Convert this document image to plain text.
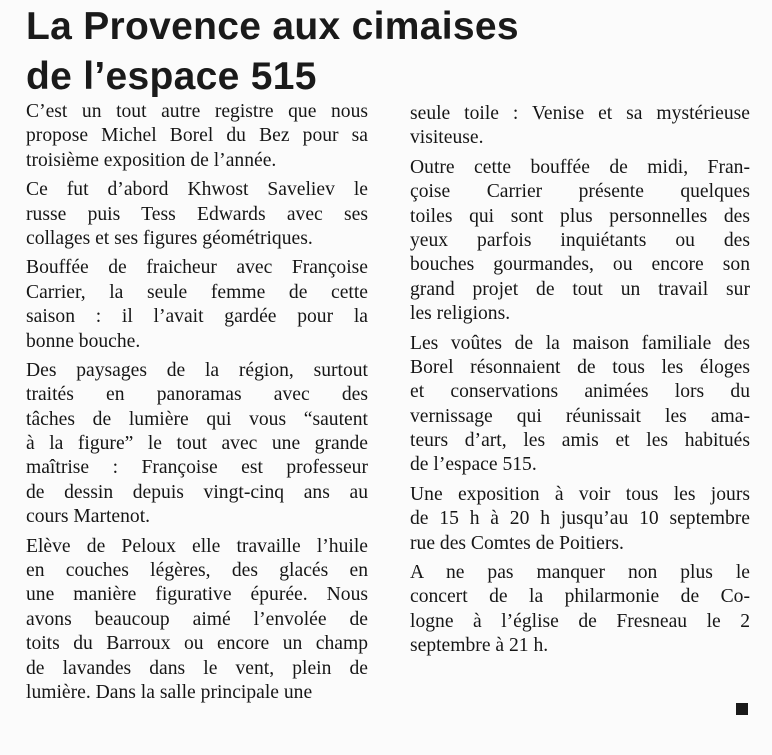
La Provence aux cimaises
de l’espace 515
C’est un tout autre registre que nous
propose Michel Borel du Bez pour sa
troisième exposition de l’année.
Ce fut d’abord Khwost Saveliev le
russe puis Tess Edwards avec ses
collages et ses figures géométriques.
Bouffée de fraicheur avec Françoise
Carrier, la seule femme de cette
saison : il l’avait gardée pour la
bonne bouche.
Des paysages de la région, surtout
traités en panoramas avec des
tâches de lumière qui vous “sautent
à la figure” le tout avec une grande
maîtrise : Françoise est professeur
de dessin depuis vingt-cinq ans au
cours Martenot.
Elève de Peloux elle travaille l’huile
en couches légères, des glacés en
une manière figurative épurée. Nous
avons beaucoup aimé l’envolée de
toits du Barroux ou encore un champ
de lavandes dans le vent, plein de
lumière. Dans la salle principale une
seule toile : Venise et sa mystérieuse
visiteuse.
Outre cette bouffée de midi, Fran-
çoise Carrier présente quelques
toiles qui sont plus personnelles des
yeux parfois inquiétants ou des
bouches gourmandes, ou encore son
grand projet de tout un travail sur
les religions.
Les voûtes de la maison familiale des
Borel résonnaient de tous les éloges
et conservations animées lors du
vernissage qui réunissait les ama-
teurs d’art, les amis et les habitués
de l’espace 515.
Une exposition à voir tous les jours
de 15 h à 20 h jusqu’au 10 septembre
rue des Comtes de Poitiers.
A ne pas manquer non plus le
concert de la philarmonie de Co-
logne à l’église de Fresneau le 2
septembre à 21 h.
